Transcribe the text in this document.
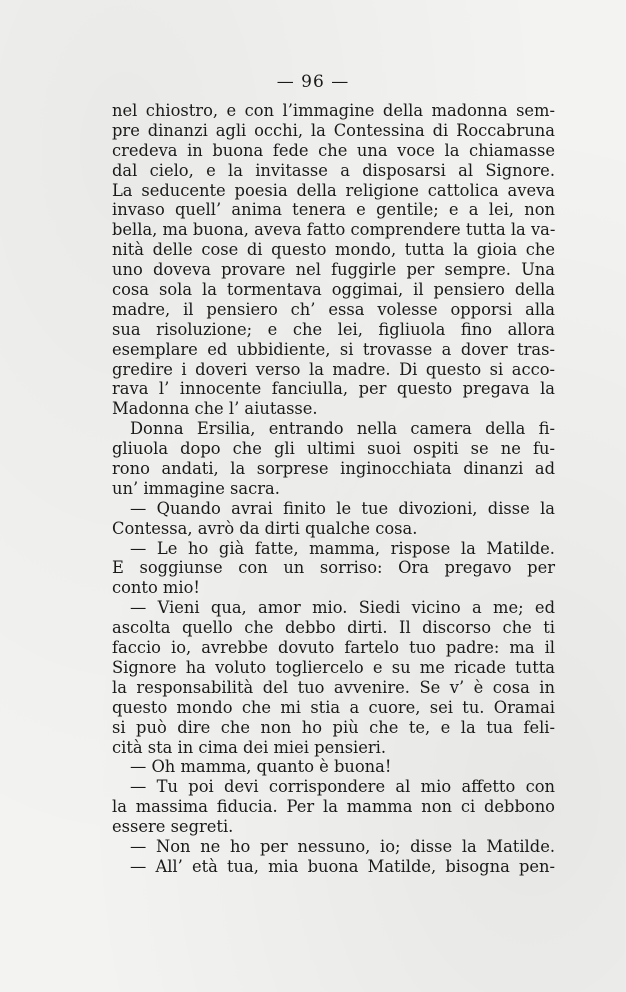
— 96 —
nel chiostro, e con l’immagine della madonna sem-
pre dinanzi agli occhi, la Contessina di Roccabruna
credeva in buona fede che una voce la chiamasse
dal cielo, e la invitasse a disposarsi al Signore.
La seducente poesia della religione cattolica aveva
invaso quell’ anima tenera e gentile; e a lei, non
bella, ma buona, aveva fatto comprendere tutta la va-
nità delle cose di questo mondo, tutta la gioia che
uno doveva provare nel fuggirle per sempre. Una
cosa sola la tormentava oggimai, il pensiero della
madre, il pensiero ch’ essa volesse opporsi alla
sua risoluzione; e che lei, figliuola fino allora
esemplare ed ubbidiente, si trovasse a dover tras-
gredire i doveri verso la madre. Di questo si acco-
rava l’ innocente fanciulla, per questo pregava la
Madonna che l’ aiutasse.
Donna Ersilia, entrando nella camera della fi-
gliuola dopo che gli ultimi suoi ospiti se ne fu-
rono andati, la sorprese inginocchiata dinanzi ad
un’ immagine sacra.
— Quando avrai finito le tue divozioni, disse la
Contessa, avrò da dirti qualche cosa.
— Le ho già fatte, mamma, rispose la Matilde.
E soggiunse con un sorriso: Ora pregavo per
conto mio!
— Vieni qua, amor mio. Siedi vicino a me; ed
ascolta quello che debbo dirti. Il discorso che ti
faccio io, avrebbe dovuto fartelo tuo padre: ma il
Signore ha voluto togliercelo e su me ricade tutta
la responsabilità del tuo avvenire. Se v’ è cosa in
questo mondo che mi stia a cuore, sei tu. Oramai
si può dire che non ho più che te, e la tua feli-
cità sta in cima dei miei pensieri.
— Oh mamma, quanto è buona!
— Tu poi devi corrispondere al mio affetto con
la massima fiducia. Per la mamma non ci debbono
essere segreti.
— Non ne ho per nessuno, io; disse la Matilde.
— All’ età tua, mia buona Matilde, bisogna pen-
